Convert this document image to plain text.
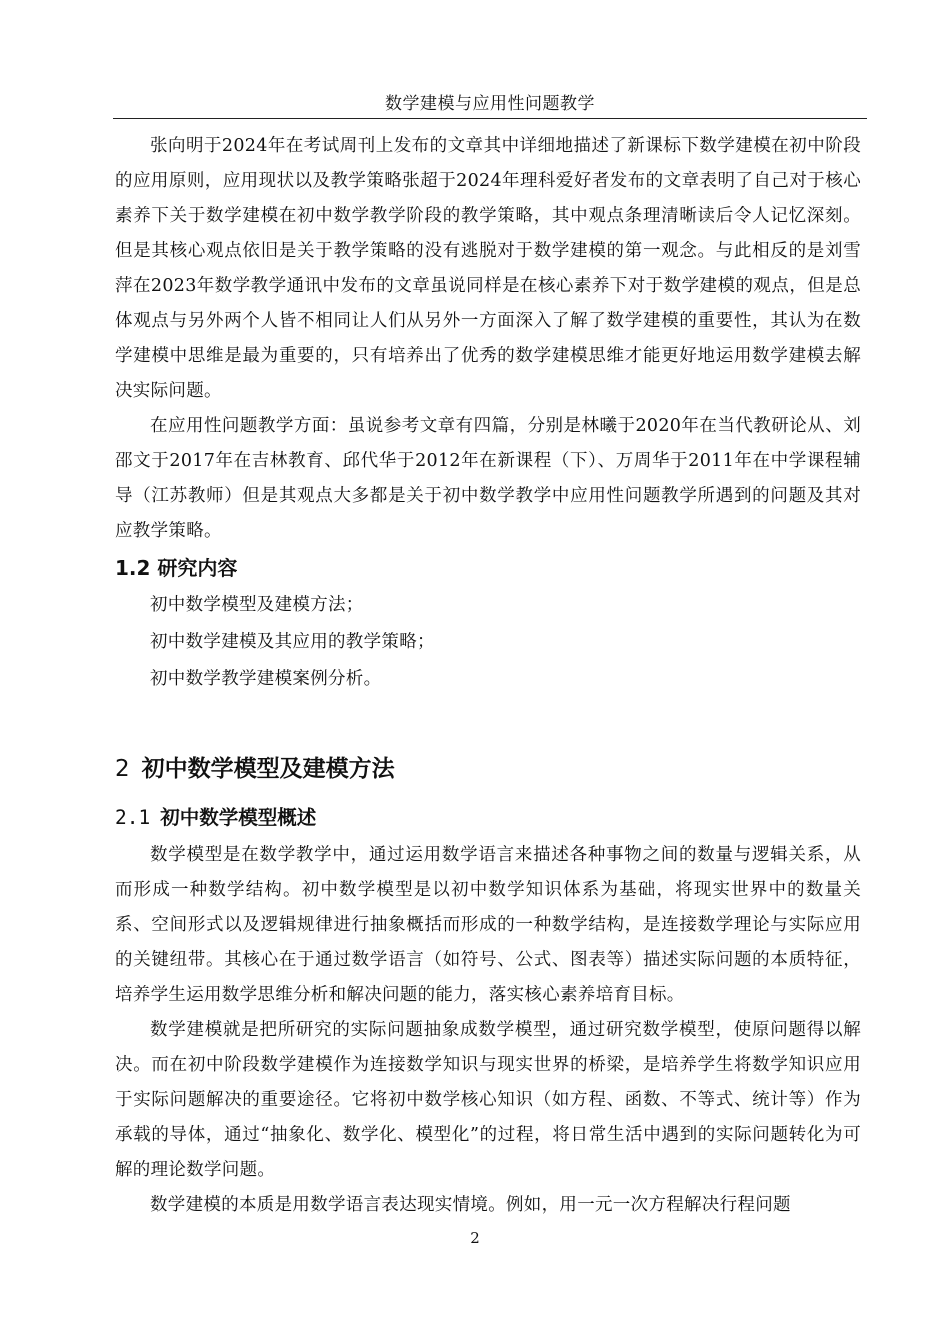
数学建模与应用性问题教学

张向明于2024年在考试周刊上发布的文章其中详细地描述了新课标下数学建模在初中阶段的应用原则，应用现状以及教学策略张超于2024年理科爱好者发布的文章表明了自己对于核心素养下关于数学建模在初中数学教学阶段的教学策略，其中观点条理清晰读后令人记忆深刻。但是其核心观点依旧是关于教学策略的没有逃脱对于数学建模的第一观念。与此相反的是刘雪萍在2023年数学教学通讯中发布的文章虽说同样是在核心素养下对于数学建模的观点，但是总体观点与另外两个人皆不相同让人们从另外一方面深入了解了数学建模的重要性，其认为在数学建模中思维是最为重要的，只有培养出了优秀的数学建模思维才能更好地运用数学建模去解决实际问题。

在应用性问题教学方面：虽说参考文章有四篇，分别是林曦于2020年在当代教研论从、刘邵文于2017年在吉林教育、邱代华于2012年在新课程（下）、万周华于2011年在中学课程辅导（江苏教师）但是其观点大多都是关于初中数学教学中应用性问题教学所遇到的问题及其对应教学策略。

1.2 研究内容

初中数学模型及建模方法；

初中数学建模及其应用的教学策略；

初中数学教学建模案例分析。

2 初中数学模型及建模方法
2.1 初中数学模型概述

数学模型是在数学教学中，通过运用数学语言来描述各种事物之间的数量与逻辑关系，从而形成一种数学结构。初中数学模型是以初中数学知识体系为基础，将现实世界中的数量关系、空间形式以及逻辑规律进行抽象概括而形成的一种数学结构，是连接数学理论与实际应用的关键纽带。其核心在于通过数学语言（如符号、公式、图表等）描述实际问题的本质特征，培养学生运用数学思维分析和解决问题的能力，落实核心素养培育目标。

数学建模就是把所研究的实际问题抽象成数学模型，通过研究数学模型，使原问题得以解决。而在初中阶段数学建模作为连接数学知识与现实世界的桥梁，是培养学生将数学知识应用于实际问题解决的重要途径。它将初中数学核心知识（如方程、函数、不等式、统计等）作为承载的导体，通过“抽象化、数学化、模型化”的过程，将日常生活中遇到的实际问题转化为可解的理论数学问题。

数学建模的本质是用数学语言表达现实情境。例如，用一元一次方程解决行程问题

2
